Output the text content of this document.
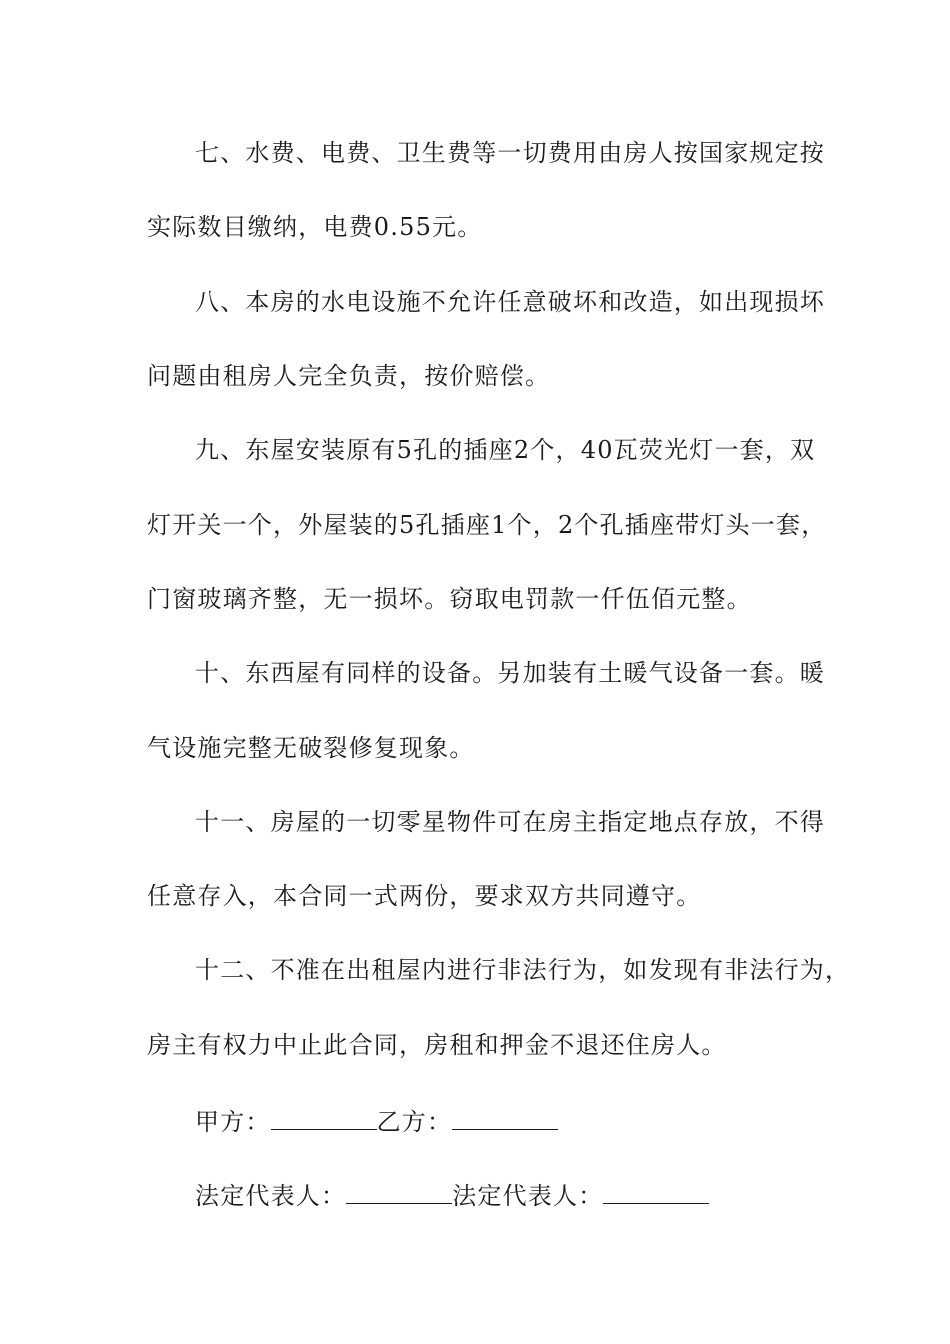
七、水费、电费、卫生费等一切费用由房人按国家规定按
实际数目缴纳，电费0.55元。
八、本房的水电设施不允许任意破坏和改造，如出现损坏
问题由租房人完全负责，按价赔偿。
九、东屋安装原有5孔的插座2个，40瓦荧光灯一套，双
灯开关一个，外屋装的5孔插座1个，2个孔插座带灯头一套，
门窗玻璃齐整，无一损坏。窃取电罚款一仟伍佰元整。
十、东西屋有同样的设备。另加装有土暖气设备一套。暖
气设施完整无破裂修复现象。
十一、房屋的一切零星物件可在房主指定地点存放，不得
任意存入，本合同一式两份，要求双方共同遵守。
十二、不准在出租屋内进行非法行为，如发现有非法行为，
房主有权力中止此合同，房租和押金不退还住房人。
甲方：	乙方：
法定代表人：	法定代表人：
